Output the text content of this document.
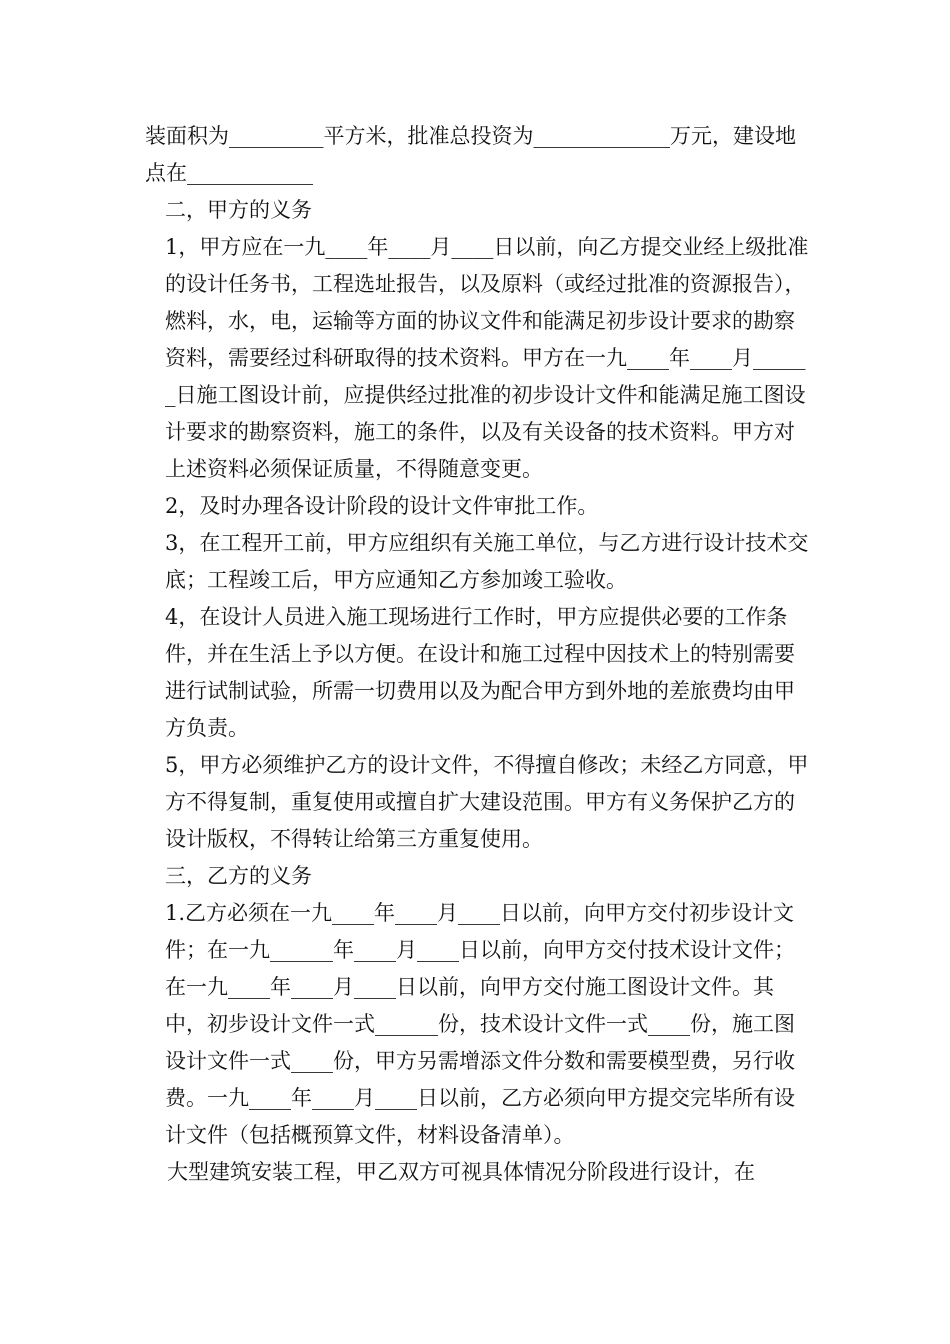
装面积为_________平方米，批准总投资为_____________万元，建设地点在____________

二，甲方的义务

1，甲方应在一九____年____月____日以前，向乙方提交业经上级批准的设计任务书，工程选址报告，以及原料（或经过批准的资源报告），燃料，水，电，运输等方面的协议文件和能满足初步设计要求的勘察资料，需要经过科研取得的技术资料。甲方在一九____年____月______日施工图设计前，应提供经过批准的初步设计文件和能满足施工图设计要求的勘察资料，施工的条件，以及有关设备的技术资料。甲方对上述资料必须保证质量，不得随意变更。

2，及时办理各设计阶段的设计文件审批工作。

3，在工程开工前，甲方应组织有关施工单位，与乙方进行设计技术交底；工程竣工后，甲方应通知乙方参加竣工验收。

4，在设计人员进入施工现场进行工作时，甲方应提供必要的工作条件，并在生活上予以方便。在设计和施工过程中因技术上的特别需要进行试制试验，所需一切费用以及为配合甲方到外地的差旅费均由甲方负责。

5，甲方必须维护乙方的设计文件，不得擅自修改；未经乙方同意，甲方不得复制，重复使用或擅自扩大建设范围。甲方有义务保护乙方的设计版权，不得转让给第三方重复使用。

三，乙方的义务

1.乙方必须在一九____年____月____日以前，向甲方交付初步设计文件；在一九______年____月____日以前，向甲方交付技术设计文件；在一九____年____月____日以前，向甲方交付施工图设计文件。其中，初步设计文件一式______份，技术设计文件一式____份，施工图设计文件一式____份，甲方另需增添文件分数和需要模型费，另行收费。一九____年____月____日以前，乙方必须向甲方提交完毕所有设计文件（包括概预算文件，材料设备清单）。

大型建筑安装工程，甲乙双方可视具体情况分阶段进行设计，在
